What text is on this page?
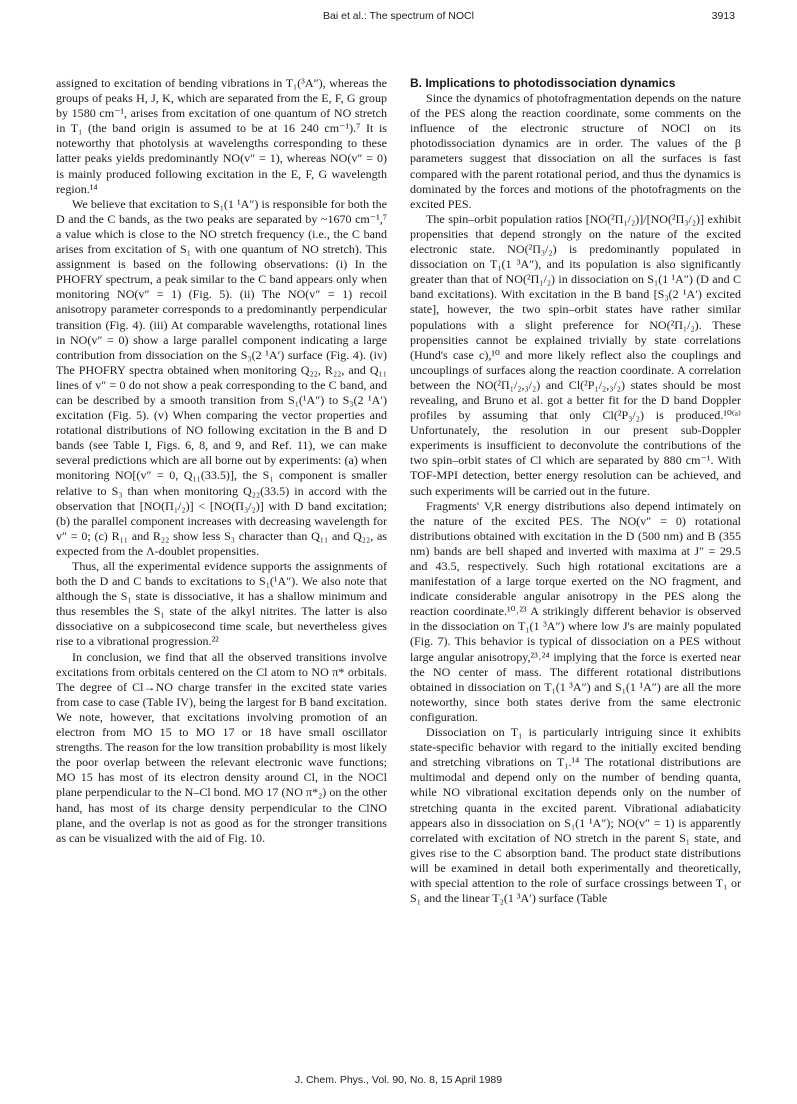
Bai et al.: The spectrum of NOCl	3913

assigned to excitation of bending vibrations in T₁(³A″), whereas the groups of peaks H, J, K, which are separated from the E, F, G group by 1580 cm⁻¹, arises from excitation of one quantum of NO stretch in T₁ (the band origin is assumed to be at 16 240 cm⁻¹).⁷ It is noteworthy that photolysis at wavelengths corresponding to these latter peaks yields predominantly NO(v″ = 1), whereas NO(v″ = 0) is mainly produced following excitation in the E, F, G wavelength region.¹⁴

We believe that excitation to S₁(1 ¹A″) is responsible for both the D and the C bands, as the two peaks are separated by ~1670 cm⁻¹,⁷ a value which is close to the NO stretch frequency (i.e., the C band arises from excitation of S₁ with one quantum of NO stretch). This assignment is based on the following observations: (i) In the PHOFRY spectrum, a peak similar to the C band appears only when monitoring NO(v″ = 1) (Fig. 5). (ii) The NO(v″ = 1) recoil anisotropy parameter corresponds to a predominantly perpendicular transition (Fig. 4). (iii) At comparable wavelengths, rotational lines in NO(v″ = 0) show a large parallel component indicating a large contribution from dissociation on the S₃(2 ¹A′) surface (Fig. 4). (iv) The PHOFRY spectra obtained when monitoring Q₂₂, R₂₂, and Q₁₁ lines of v″ = 0 do not show a peak corresponding to the C band, and can be described by a smooth transition from S₁(¹A″) to S₃(2 ¹A′) excitation (Fig. 5). (v) When comparing the vector properties and rotational distributions of NO following excitation in the B and D bands (see Table I, Figs. 6, 8, and 9, and Ref. 11), we can make several predictions which are all borne out by experiments: (a) when monitoring NO[(v″ = 0, Q₁₁(33.5)], the S₁ component is smaller relative to S₃ than when monitoring Q₂₂(33.5) in accord with the observation that [NO(Π₁/₂)] < [NO(Π₃/₂)] with D band excitation; (b) the parallel component increases with decreasing wavelength for v″ = 0; (c) R₁₁ and R₂₂ show less S₃ character than Q₁₁ and Q₂₂, as expected from the Λ-doublet propensities.

Thus, all the experimental evidence supports the assignments of both the D and C bands to excitations to S₁(¹A″). We also note that although the S₁ state is dissociative, it has a shallow minimum and thus resembles the S₁ state of the alkyl nitrites. The latter is also dissociative on a subpicosecond time scale, but nevertheless gives rise to a vibrational progression.²²

In conclusion, we find that all the observed transitions involve excitations from orbitals centered on the Cl atom to NO π* orbitals. The degree of Cl→NO charge transfer in the excited state varies from case to case (Table IV), being the largest for B band excitation. We note, however, that excitations involving promotion of an electron from MO 15 to MO 17 or 18 have small oscillator strengths. The reason for the low transition probability is most likely the poor overlap between the relevant electronic wave functions; MO 15 has most of its electron density around Cl, in the NOCl plane perpendicular to the N–Cl bond. MO 17 (NO π*₂) on the other hand, has most of its charge density perpendicular to the ClNO plane, and the overlap is not as good as for the stronger transitions as can be visualized with the aid of Fig. 10.

B. Implications to photodissociation dynamics

Since the dynamics of photofragmentation depends on the nature of the PES along the reaction coordinate, some comments on the influence of the electronic structure of NOCl on its photodissociation dynamics are in order. The values of the β parameters suggest that dissociation on all the surfaces is fast compared with the parent rotational period, and thus the dynamics is dominated by the forces and motions of the photofragments on the excited PES.

The spin–orbit population ratios [NO(²Π₁/₂)]/[NO(²Π₃/₂)] exhibit propensities that depend strongly on the nature of the excited electronic state. NO(²Π₃/₂) is predominantly populated in dissociation on T₁(1 ³A″), and its population is also significantly greater than that of NO(²Π₁/₂) in dissociation on S₁(1 ¹A″) (D and C band excitations). With excitation in the B band [S₃(2 ¹A′) excited state], however, the two spin–orbit states have rather similar populations with a slight preference for NO(²Π₁/₂). These propensities cannot be explained trivially by state correlations (Hund's case c),¹⁰ and more likely reflect also the couplings and uncouplings of surfaces along the reaction coordinate. A correlation between the NO(²Π₁/₂,₃/₂) and Cl(²P₁/₂,₃/₂) states should be most revealing, and Bruno et al. got a better fit for the D band Doppler profiles by assuming that only Cl(²P₃/₂) is produced.¹⁰⁽ᵃ⁾ Unfortunately, the resolution in our present sub-Doppler experiments is insufficient to deconvolute the contributions of the two spin–orbit states of Cl which are separated by 880 cm⁻¹. With TOF-MPI detection, better energy resolution can be achieved, and such experiments will be carried out in the future.

Fragments' V,R energy distributions also depend intimately on the nature of the excited PES. The NO(v″ = 0) rotational distributions obtained with excitation in the D (500 nm) and B (355 nm) bands are bell shaped and inverted with maxima at J″ = 29.5 and 43.5, respectively. Such high rotational excitations are a manifestation of a large torque exerted on the NO fragment, and indicate considerable angular anisotropy in the PES along the reaction coordinate.¹⁰˒²³ A strikingly different behavior is observed in the dissociation on T₁(1 ³A″) where low J's are mainly populated (Fig. 7). This behavior is typical of dissociation on a PES without large angular anisotropy,²³˒²⁴ implying that the force is exerted near the NO center of mass. The different rotational distributions obtained in dissociation on T₁(1 ³A″) and S₁(1 ¹A″) are all the more noteworthy, since both states derive from the same electronic configuration.

Dissociation on T₁ is particularly intriguing since it exhibits state-specific behavior with regard to the initially excited bending and stretching vibrations on T₁.¹⁴ The rotational distributions are multimodal and depend only on the number of bending quanta, while NO vibrational excitation depends only on the number of stretching quanta in the excited parent. Vibrational adiabaticity appears also in dissociation on S₁(1 ¹A″); NO(v″ = 1) is apparently correlated with excitation of NO stretch in the parent S₁ state, and gives rise to the C absorption band. The product state distributions will be examined in detail both experimentally and theoretically, with special attention to the role of surface crossings between T₁ or S₁ and the linear T₂(1 ³A′) surface (Table

J. Chem. Phys., Vol. 90, No. 8, 15 April 1989
